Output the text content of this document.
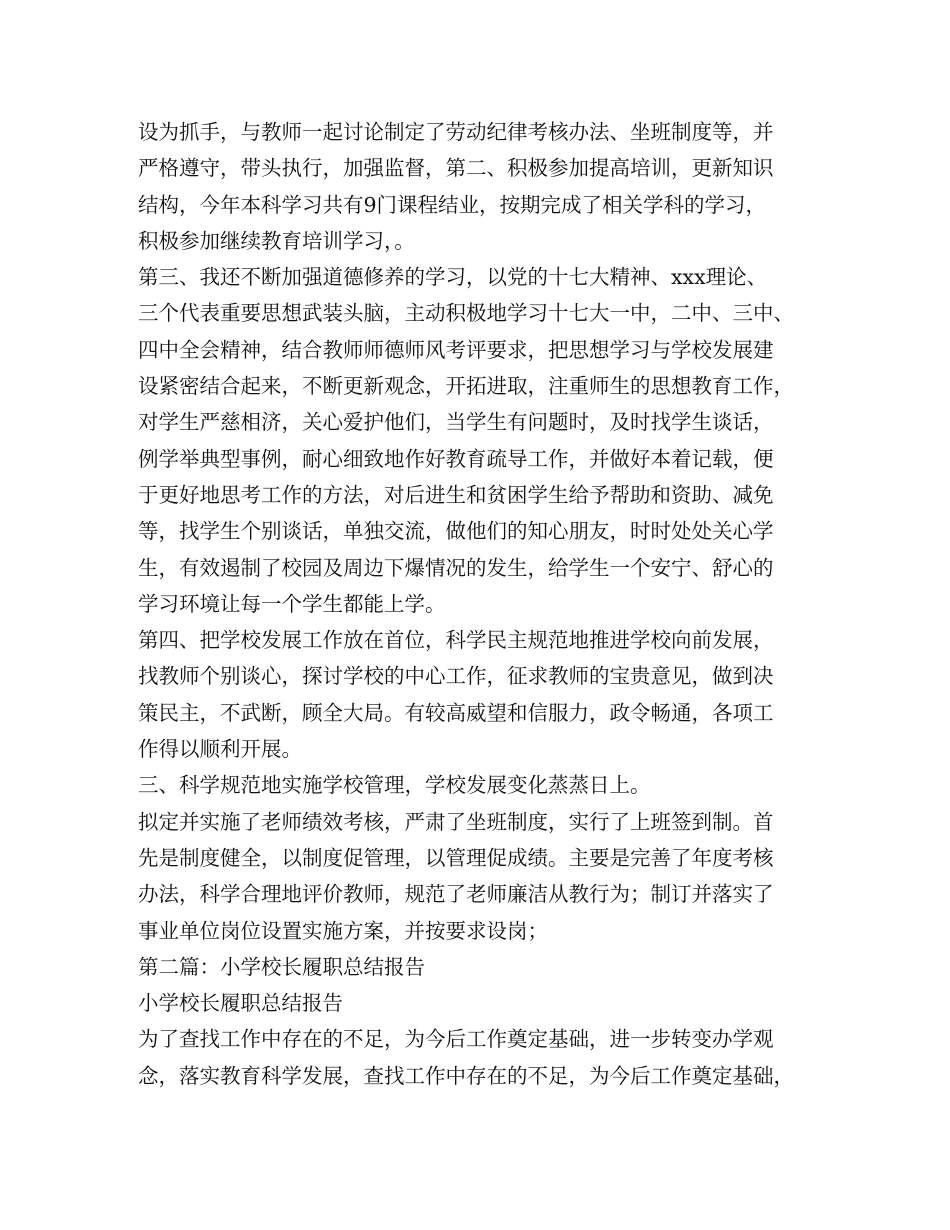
设为抓手，与教师一起讨论制定了劳动纪律考核办法、坐班制度等，并
严格遵守，带头执行，加强监督，第二、积极参加提高培训，更新知识
结构，今年本科学习共有9门课程结业，按期完成了相关学科的学习，
积极参加继续教育培训学习，。
第三、我还不断加强道德修养的学习，以党的十七大精神、xxx理论、
三个代表重要思想武装头脑，主动积极地学习十七大一中，二中、三中、
四中全会精神，结合教师师德师风考评要求，把思想学习与学校发展建
设紧密结合起来，不断更新观念，开拓进取，注重师生的思想教育工作，
对学生严慈相济，关心爱护他们，当学生有问题时，及时找学生谈话，
例学举典型事例，耐心细致地作好教育疏导工作，并做好本着记载，便
于更好地思考工作的方法，对后进生和贫困学生给予帮助和资助、减免
等，找学生个别谈话，单独交流，做他们的知心朋友，时时处处关心学
生，有效遏制了校园及周边下爆情况的发生，给学生一个安宁、舒心的
学习环境让每一个学生都能上学。
第四、把学校发展工作放在首位，科学民主规范地推进学校向前发展，
找教师个别谈心，探讨学校的中心工作，征求教师的宝贵意见，做到决
策民主，不武断，顾全大局。有较高威望和信服力，政令畅通，各项工
作得以顺利开展。
三、科学规范地实施学校管理，学校发展变化蒸蒸日上。
拟定并实施了老师绩效考核，严肃了坐班制度，实行了上班签到制。首
先是制度健全，以制度促管理，以管理促成绩。主要是完善了年度考核
办法，科学合理地评价教师，规范了老师廉洁从教行为；制订并落实了
事业单位岗位设置实施方案，并按要求设岗；
第二篇：小学校长履职总结报告
小学校长履职总结报告
为了查找工作中存在的不足，为今后工作奠定基础，进一步转变办学观
念，落实教育科学发展，查找工作中存在的不足，为今后工作奠定基础，
